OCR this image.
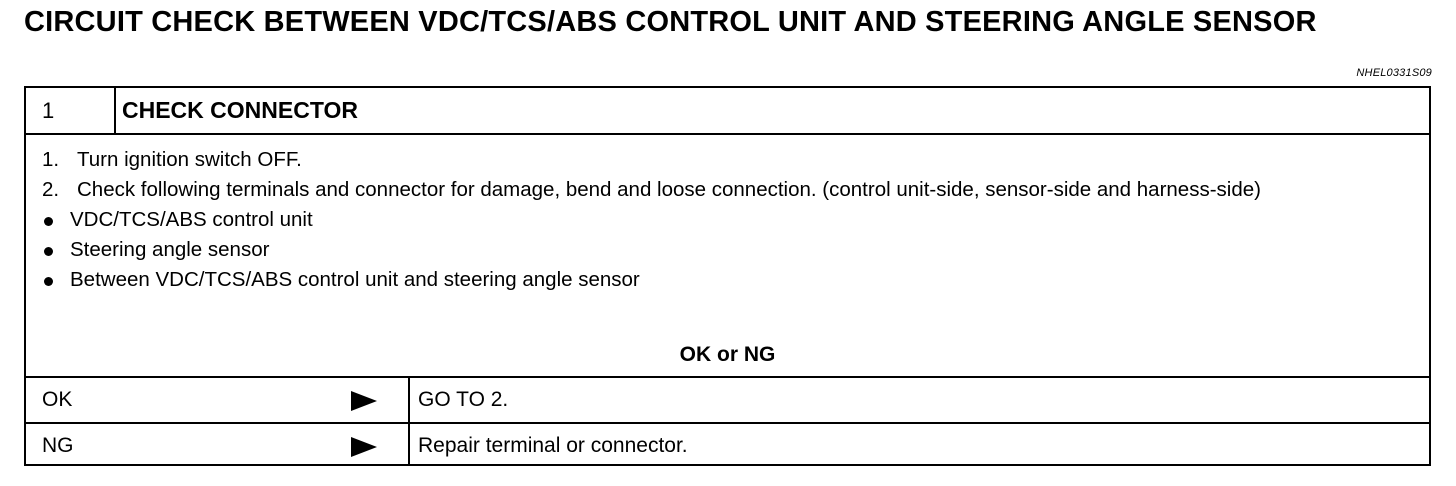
CIRCUIT CHECK BETWEEN VDC/TCS/ABS CONTROL UNIT AND STEERING ANGLE SENSOR
NHEL0331S09
1	CHECK CONNECTOR
1. Turn ignition switch OFF.
2. Check following terminals and connector for damage, bend and loose connection. (control unit-side, sensor-side and harness-side)
VDC/TCS/ABS control unit
Steering angle sensor
Between VDC/TCS/ABS control unit and steering angle sensor
OK or NG
OK	GO TO 2.
NG	Repair terminal or connector.
